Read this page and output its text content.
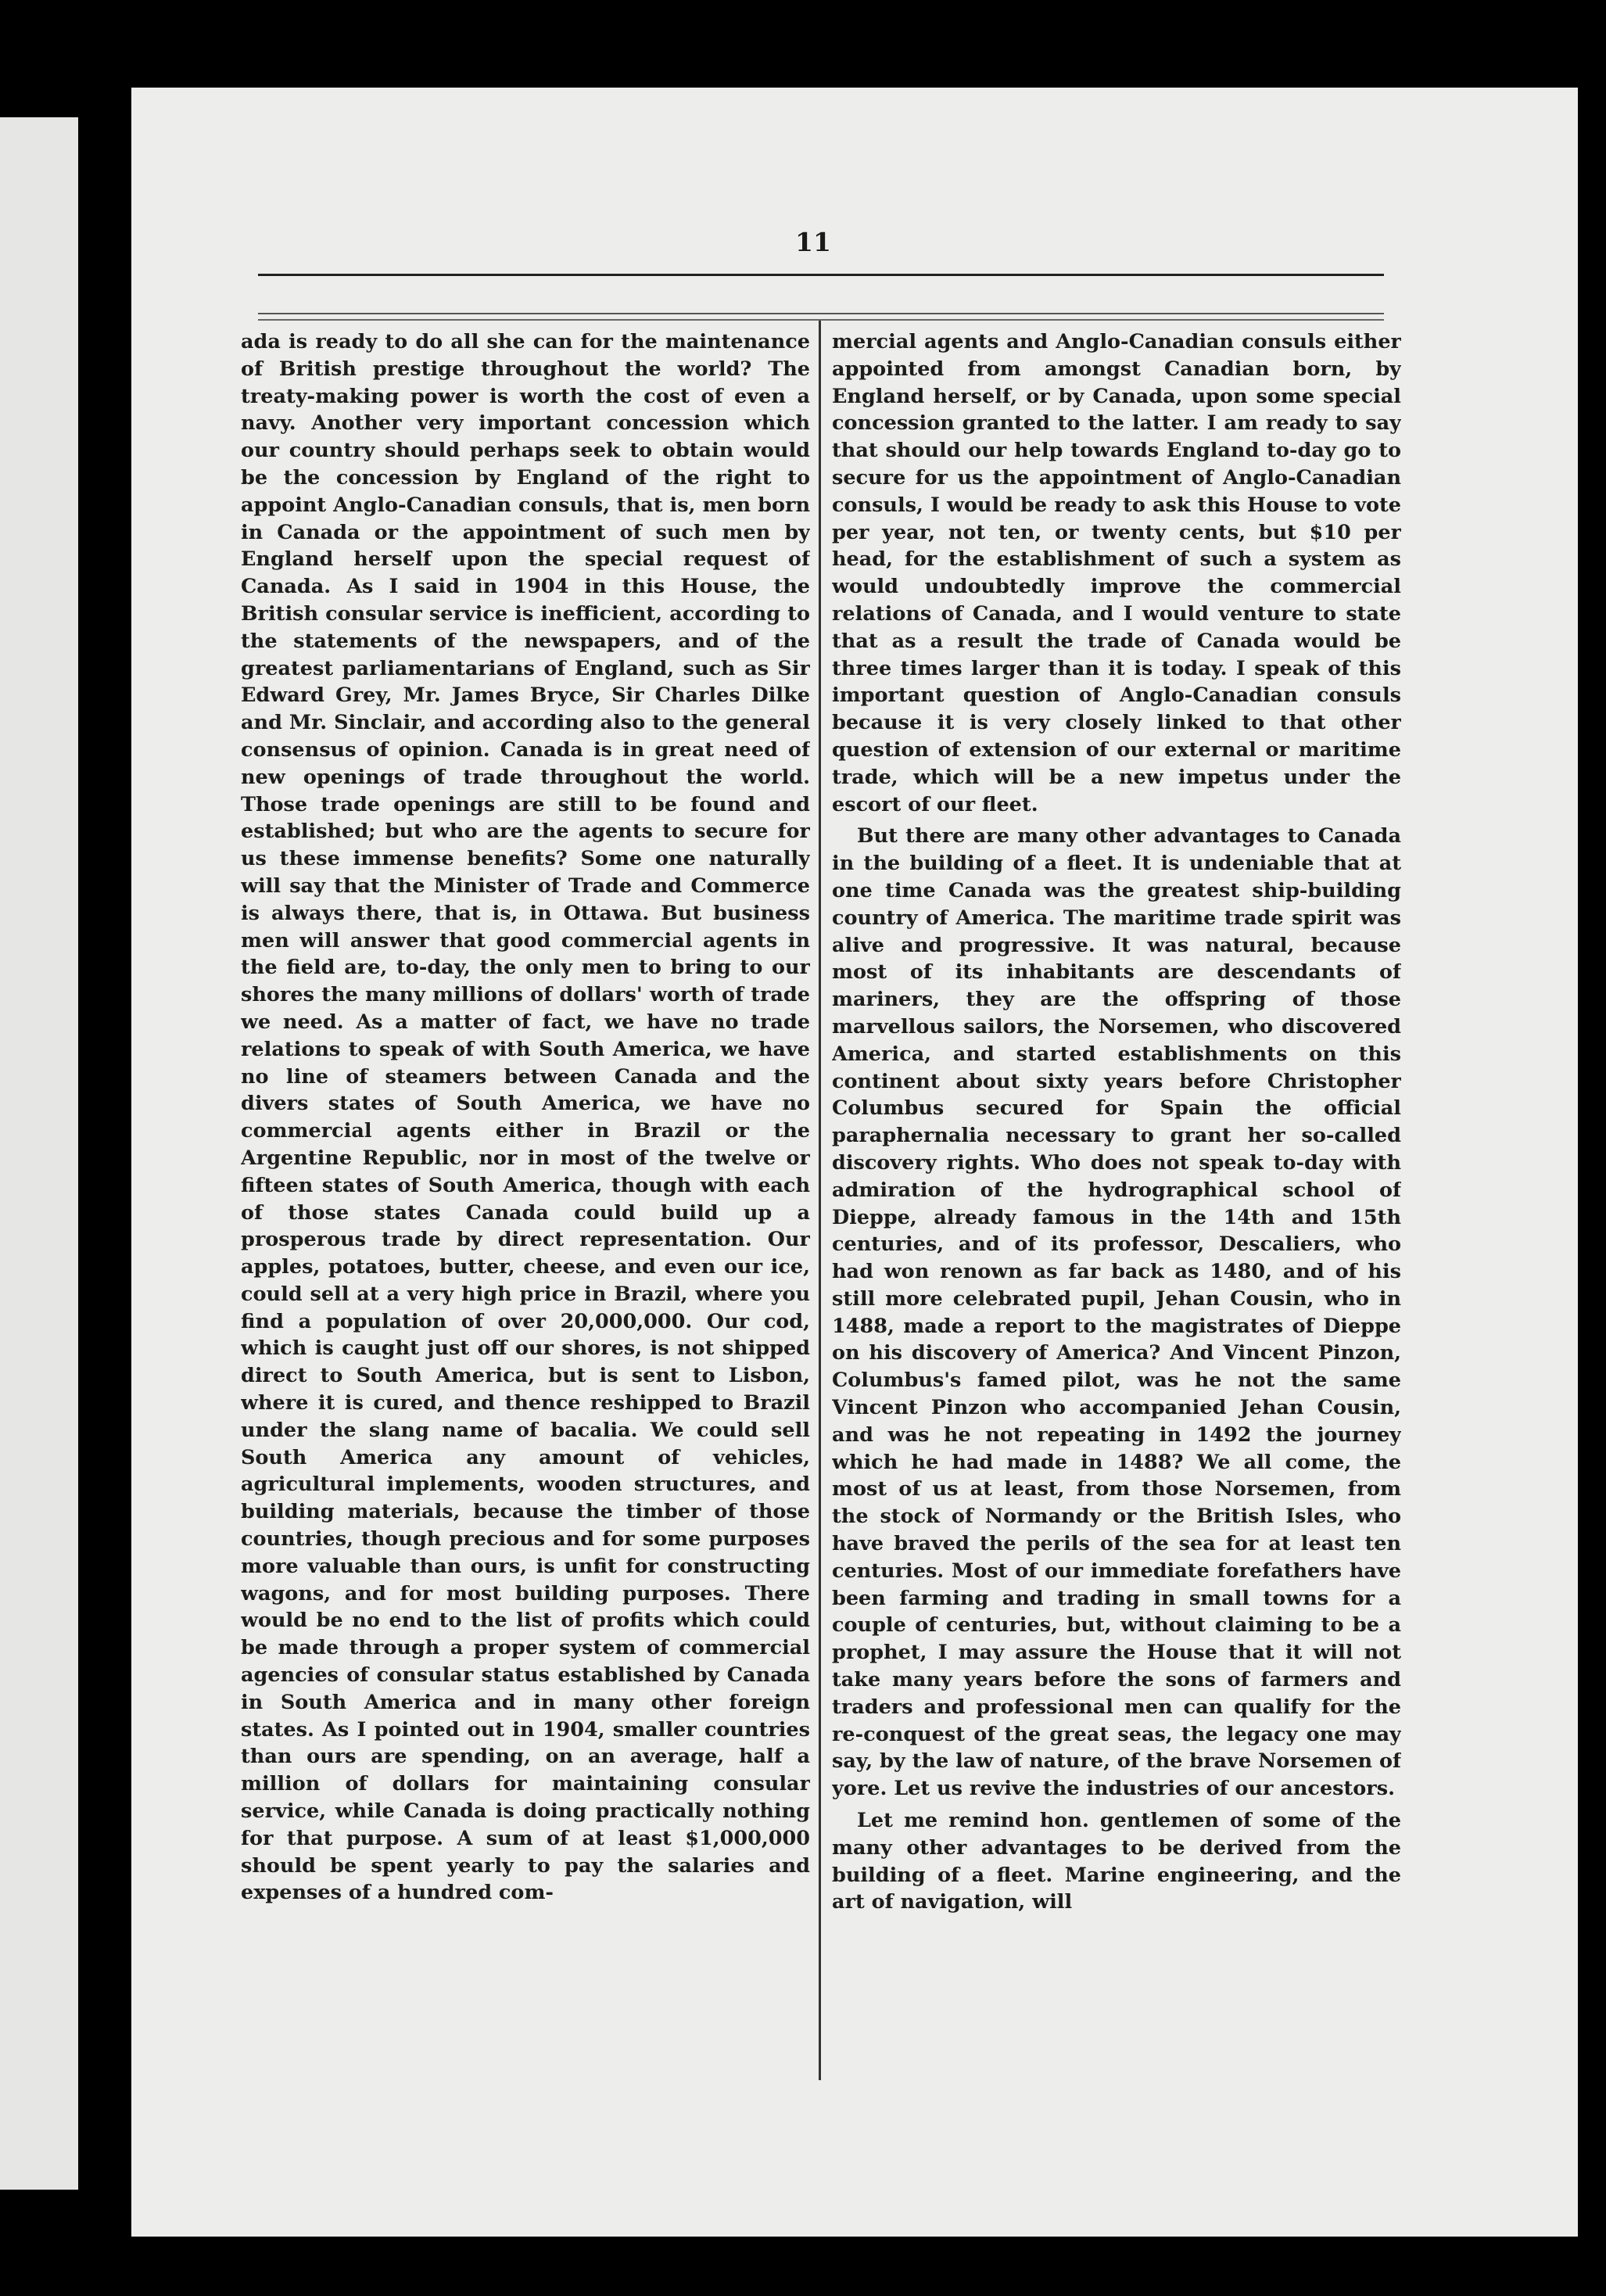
11

ada is ready to do all she can for the maintenance of British prestige throughout the world? The treaty-making power is worth the cost of even a navy. Another very important concession which our country should perhaps seek to obtain would be the concession by England of the right to appoint Anglo-Canadian consuls, that is, men born in Canada or the appointment of such men by England herself upon the special request of Canada. As I said in 1904 in this House, the British consular service is inefficient, according to the statements of the newspapers, and of the greatest parliamentarians of England, such as Sir Edward Grey, Mr. James Bryce, Sir Charles Dilke and Mr. Sinclair, and according also to the general consensus of opinion. Canada is in great need of new openings of trade throughout the world. Those trade openings are still to be found and established; but who are the agents to secure for us these immense benefits? Some one naturally will say that the Minister of Trade and Commerce is always there, that is, in Ottawa. But business men will answer that good commercial agents in the field are, to-day, the only men to bring to our shores the many millions of dollars' worth of trade we need. As a matter of fact, we have no trade relations to speak of with South America, we have no line of steamers between Canada and the divers states of South America, we have no commercial agents either in Brazil or the Argentine Republic, nor in most of the twelve or fifteen states of South America, though with each of those states Canada could build up a prosperous trade by direct representation. Our apples, potatoes, butter, cheese, and even our ice, could sell at a very high price in Brazil, where you find a population of over 20,000,000. Our cod, which is caught just off our shores, is not shipped direct to South America, but is sent to Lisbon, where it is cured, and thence reshipped to Brazil under the slang name of bacalia. We could sell South America any amount of vehicles, agricultural implements, wooden structures, and building materials, because the timber of those countries, though precious and for some purposes more valuable than ours, is unfit for constructing wagons, and for most building purposes. There would be no end to the list of profits which could be made through a proper system of commercial agencies of consular status established by Canada in South America and in many other foreign states. As I pointed out in 1904, smaller countries than ours are spending, on an average, half a million of dollars for maintaining consular service, while Canada is doing practically nothing for that purpose. A sum of at least $1,000,000 should be spent yearly to pay the salaries and expenses of a hundred com-

mercial agents and Anglo-Canadian consuls either appointed from amongst Canadian born, by England herself, or by Canada, upon some special concession granted to the latter. I am ready to say that should our help towards England to-day go to secure for us the appointment of Anglo-Canadian consuls, I would be ready to ask this House to vote per year, not ten, or twenty cents, but $10 per head, for the establishment of such a system as would undoubtedly improve the commercial relations of Canada, and I would venture to state that as a result the trade of Canada would be three times larger than it is today. I speak of this important question of Anglo-Canadian consuls because it is very closely linked to that other question of extension of our external or maritime trade, which will be a new impetus under the escort of our fleet.

But there are many other advantages to Canada in the building of a fleet. It is undeniable that at one time Canada was the greatest ship-building country of America. The maritime trade spirit was alive and progressive. It was natural, because most of its inhabitants are descendants of mariners, they are the offspring of those marvellous sailors, the Norsemen, who discovered America, and started establishments on this continent about sixty years before Christopher Columbus secured for Spain the official paraphernalia necessary to grant her so-called discovery rights. Who does not speak to-day with admiration of the hydrographical school of Dieppe, already famous in the 14th and 15th centuries, and of its professor, Descaliers, who had won renown as far back as 1480, and of his still more celebrated pupil, Jehan Cousin, who in 1488, made a report to the magistrates of Dieppe on his discovery of America? And Vincent Pinzon, Columbus's famed pilot, was he not the same Vincent Pinzon who accompanied Jehan Cousin, and was he not repeating in 1492 the journey which he had made in 1488? We all come, the most of us at least, from those Norsemen, from the stock of Normandy or the British Isles, who have braved the perils of the sea for at least ten centuries. Most of our immediate forefathers have been farming and trading in small towns for a couple of centuries, but, without claiming to be a prophet, I may assure the House that it will not take many years before the sons of farmers and traders and professional men can qualify for the re-conquest of the great seas, the legacy one may say, by the law of nature, of the brave Norsemen of yore. Let us revive the industries of our ancestors.

Let me remind hon. gentlemen of some of the many other advantages to be derived from the building of a fleet. Marine engineering, and the art of navigation, will
